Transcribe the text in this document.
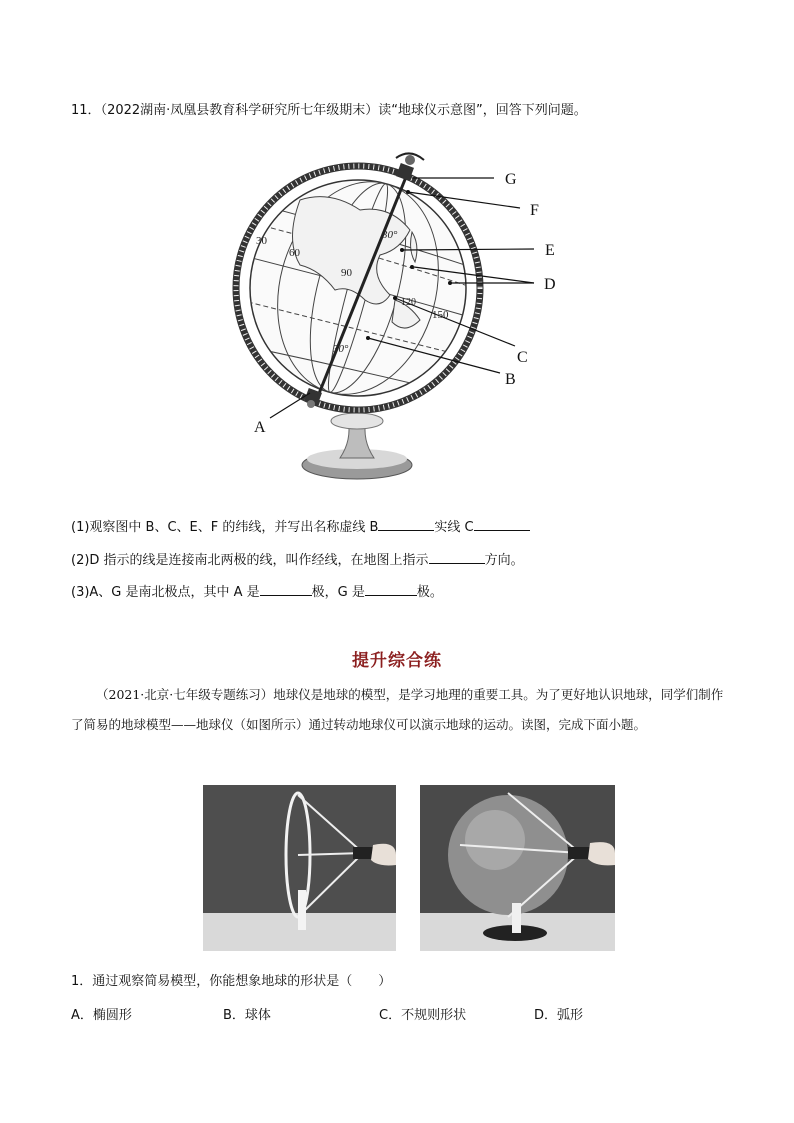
11．（2022湖南·凤凰县教育科学研究所七年级期末）读“地球仪示意图”，回答下列问题。
30°
30
60
90
120
150
30°
G
F
E
D
C
B
A
(1)观察图中 B、C、E、F 的纬线，并写出名称虚线 B	实线 C
(2)D 指示的线是连接南北两极的线，叫作经线，在地图上指示	方向。
(3)A、G 是南北极点，其中 A 是	极，G 是	极。
提升综合练
（2021·北京·七年级专题练习）地球仪是地球的模型，是学习地理的重要工具。为了更好地认识地球，同学们制作了简易的地球模型——地球仪（如图所示）通过转动地球仪可以演示地球的运动。读图，完成下面小题。
1．通过观察简易模型，你能想象地球的形状是（　　）
A．椭圆形	B．球体	C．不规则形状	D．弧形
